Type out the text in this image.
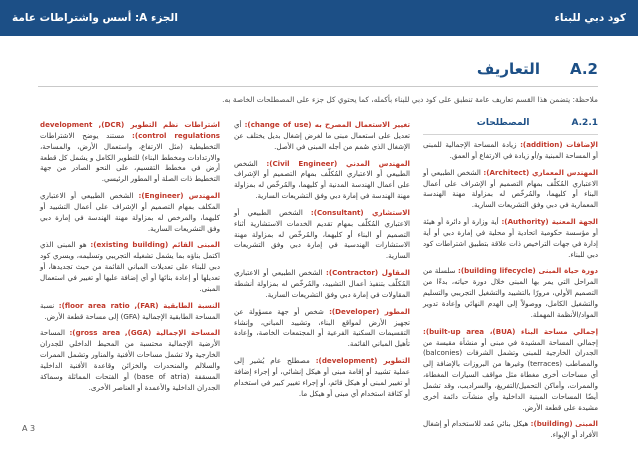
كود دبي للبناء
الجزء A: أسس واشتراطات عامة
A.2
التعاريف
ملاحظة: يتضمن هذا القسم تعاريف عامة تنطبق على كود دبي للبناء بأكمله، كما يحتوي كل جزء على المصطلحات الخاصة به.
A.2.1
المصطلحات

الإضافات (addition): زيادة المساحة الإجمالية للمبنى أو المساحة المبنية و/أو زيادة في الارتفاع أو العمق.

المهندس المعماري (Architect): الشخص الطبيعي أو الاعتباري المُكلّف بمهام التصميم أو الإشراف على أعمال البناء أو كليهما، والمُرخّص له بمزاولة مهنة الهندسة المعمارية في دبي وفق التشريعات السارية.

الجهة المعنية (Authority): أية وزارة أو دائرة أو هيئة أو مؤسسة حكومية اتحادية أو محلية في إمارة دبي أو أية إدارة في جهات التراخيص ذات علاقة بتطبيق اشتراطات كود دبي للبناء.

دورة حياة المبنى (building lifecycle): سلسلة من المراحل التي يمر بها المبنى خلال دورة حياته، بدءًا من التصميم الأولي، مرورًا بالتشييد والتشغيل التجريبي والتسليم والتشغيل الكامل، ووصولاً إلى الهدم النهائي وإعادة تدوير المواد/الأنظمة المهملة.

إجمالي مساحة البناء (BUA)، built-up area): إجمالي المساحة المشيدة في مبنى أو منشأة مقيسة من الجدران الخارجية للمبنى وتشمل الشرفات (balconies) والمصاطب (terraces) وغيرها من البروزات بالإضافة إلى أي مساحات أخرى مغطاة مثل مواقف السيارات المغطاة، والممرات، وأماكن التحميل/التفريغ، والسراديب، وقد تشمل أيضًا المساحات المبنية الداخلية وأي منشآت دائمة أخرى مشيدة على قطعة الأرض.

المبنى (building): هيكل بنائي مُعد للاستخدام أو إشغال الأفراد أو الإيواء.

تغيير الاستعمال المصرح به (change of use): أي تعديل على استعمال مبنى ما لغرض إشغال بديل يختلف عن الإشغال الذي صُمم من أجله المبنى في الأصل.

المهندس المدني (Civil Engineer): الشخص الطبيعي أو الاعتباري المُكلّف بمهام التصميم أو الإشراف على أعمال الهندسة المدنية أو كليهما، والمُرخّص له بمزاولة مهنة الهندسة في إمارة دبي وفق التشريعات السارية.

الاستشاري (Consultant): الشخص الطبيعي أو الاعتباري المُكلّف بمهام تقديم الخدمات الاستشارية أثناء التصميم أو البناء أو كليهما، والمُرخّص له بمزاولة مهنة الاستشارات الهندسية في إمارة دبي وفق التشريعات السارية.

المقاول (Contractor): الشخص الطبيعي أو الاعتباري المُكلّف بتنفيذ أعمال التشييد، والمُرخّص له بمزاولة أنشطة المقاولات في إمارة دبي وفق التشريعات السارية.

المطور (Developer): شخص أو جهة مسؤولة عن تجهيز الأرض لمواقع البناء، وتشييد المباني، وإنشاء التقسيمات السكنية الفرعية أو المجتمعات الخاصة، وإعادة تأهيل المباني القائمة.

التطوير (development): مصطلح عام يُشير إلى عملية تشييد أو إقامة مبنى أو هيكل إنشائي، أو إجراء إضافة أو تغيير لمبنى أو هيكل قائم، أو إجراء تغيير كبير في استخدام أو كثافة استخدام أي مبنى أو هيكل ما.

اشتراطات نظم التطوير (DCR), development control regulations): مستند يوضح الاشتراطات التخطيطية (مثل الارتفاع، واستعمال الأرض، والمساحة، والارتدادات ومخطط البناء) للتطوير الكامل و يشمل كل قطعة أرض في مخطط التقسيم، على النحو الصادر من جهة التخطيط ذات الصلة أو المطور الرئيسي.

المهندس (Engineer): الشخص الطبيعي أو الاعتباري المكلف بمهام التصميم أو الإشراف على أعمال التشييد أو كليهما، والمرخص له بمزاولة مهنة الهندسة في إمارة دبي وفق التشريعات السارية.

المبنى القائم (existing building): هو المبنى الذي اكتمل بناؤه بما يشمل تشغيله التجريبي وتسليمه، ويسري كود دبي للبناء على تعديلات المباني القائمة من حيث تجديدها، أو تعديلها أو إعادة بنائها أو أي إضافة عليها أو تغيير في استعمال المبنى.

النسبة الطابقية (FAR), floor area ratio): نسبة المساحة الطابقية الإجمالية (GFA) إلى مساحة قطعة الأرض.

المساحة الإجمالية (GGA), gross area): المساحة الأرضية الإجمالية محتسبة من المحيط الداخلي للجدران الخارجية ولا تشمل مساحات الأفنية والمناور وتشمل الممرات والسلالم والمنحدرات والخزائن وقاعدة الأفنية الداخلية المسقفة (base of atria) أو الفتحات المماثلة وسماكة الجدران الداخلية والأعمدة أو العناصر الأخرى.

A 3
